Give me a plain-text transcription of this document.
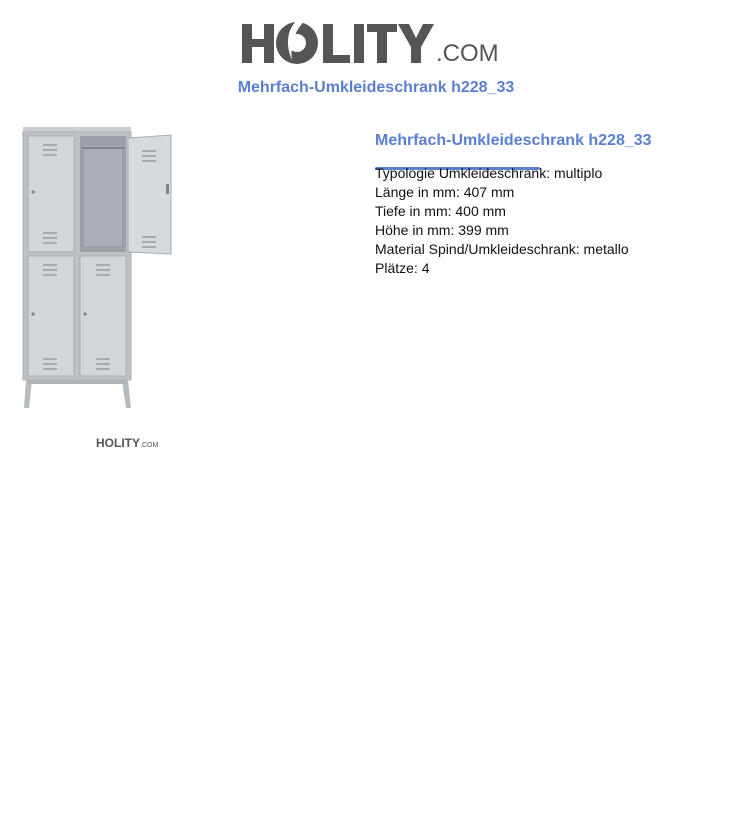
.COM
Mehrfach-Umkleideschrank h228_33
HOLITY .COM
Mehrfach-Umkleideschrank h228_33
Typologie Umkleideschrank: multiplo
Länge in mm: 407 mm
Tiefe in mm: 400 mm
Höhe in mm: 399 mm
Material Spind/Umkleideschrank: metallo
Plätze: 4
